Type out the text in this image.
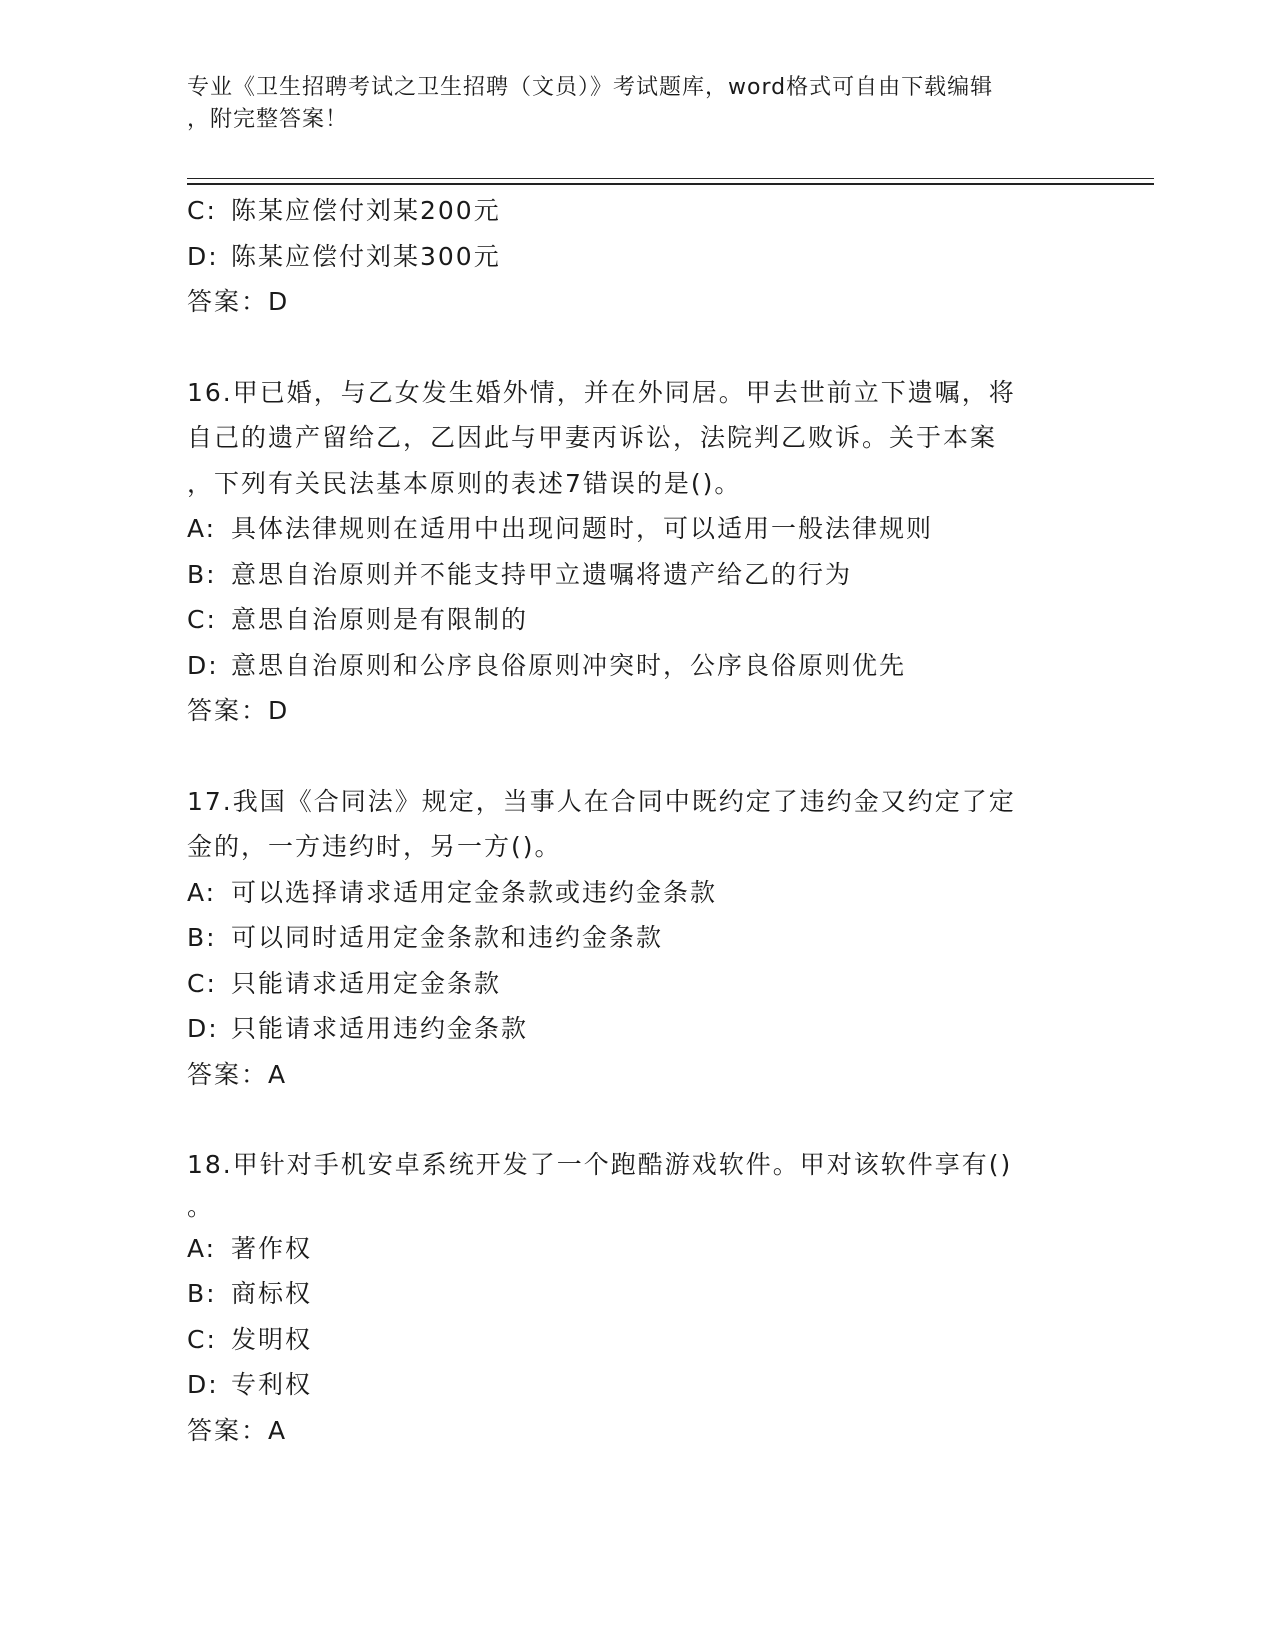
专业《卫生招聘考试之卫生招聘（文员）》考试题库，word格式可自由下载编辑
，附完整答案！
C: 陈某应偿付刘某200元
D: 陈某应偿付刘某300元
答案：D
16.甲已婚，与乙女发生婚外情，并在外同居。甲去世前立下遗嘱，将
自己的遗产留给乙，乙因此与甲妻丙诉讼，法院判乙败诉。关于本案
，下列有关民法基本原则的表述7错误的是()。
A: 具体法律规则在适用中出现问题时，可以适用一般法律规则
B: 意思自治原则并不能支持甲立遗嘱将遗产给乙的行为
C: 意思自治原则是有限制的
D: 意思自治原则和公序良俗原则冲突时，公序良俗原则优先
答案：D
17.我国《合同法》规定，当事人在合同中既约定了违约金又约定了定
金的，一方违约时，另一方()。
A: 可以选择请求适用定金条款或违约金条款
B: 可以同时适用定金条款和违约金条款
C: 只能请求适用定金条款
D: 只能请求适用违约金条款
答案：A
18.甲针对手机安卓系统开发了一个跑酷游戏软件。甲对该软件享有()
。
A: 著作权
B: 商标权
C: 发明权
D: 专利权
答案：A
